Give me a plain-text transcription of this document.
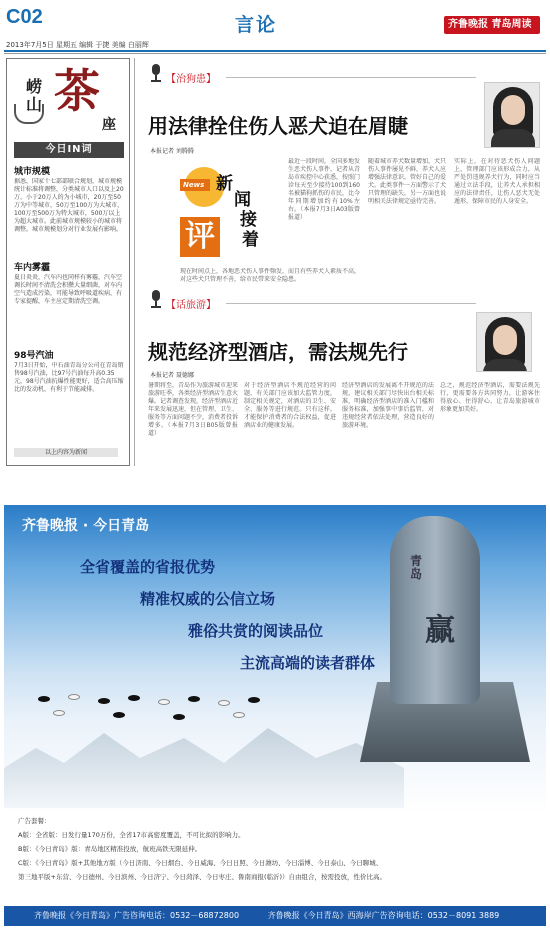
C02	言论	齐鲁晚报 青岛周读
2013年7月5日 星期五 编辑 于捷 美编 白丽辉
崂山 茶
座
今日IN词
城市规模
据悉，国家十七部部联合规划，城市规模统计标准将调整，分类城市人口以及上20万，小于20万人的为小城市，20万至50万为中等城市，50万至100万为大城市，100万至500万为特大城市，500万以上为超大城市。此前城市规模较小的城市将调整，城市规模划分对行业发展有影响。
车内雾霾
夏日炎炎，汽车内也同样有雾霾，汽车空调长时间不清洗会积攒大量细菌，对车内空气造成污染，可能导致呼吸道疾病，有专家提醒，车主应定期清洗空调。
98号汽油
7月3日开始，中石油青岛分公司在青岛销售98号汽油，比97号汽油每升高0.35元，98号汽油抗爆性能更好，适合高压缩比的发动机，有利于节能减排。
以上内容为新闻
【治狗患】
用法律拴住伤人恶犬迫在眉睫
本报记者 刘腾腾
News 新
闻
接
着
评
最近一段时间，全国多地发生恶犬伤人事件，记者从青岛市疾控中心获悉，按照门诊每天至少接待100到160名被猫狗抓伤的市民，比今年同期增加约有10%左右。（本报7月3日A03版曾报道）
现在时间点上，各地恶犬伤人事件频发，而且有些养犬人素质不高，对这些犬只管理不善，给市民带来安全隐患。
随着城市养犬数量增加，犬只伤人事件屡见不鲜，养犬人应增强法律意识，管好自己的爱犬。此类事件一方面警示了犬只管理的缺失，另一方面也说明相关法律规定亟待完善。
实际上，在对待恶犬伤人问题上，管理部门应该形成合力，从严处罚违规养犬行为，同时应当通过立法手段，让养犬人承担相应的法律责任，让伤人恶犬无处遁形，保障市民的人身安全。
【话旅游】
规范经济型酒店，需法规先行
本报记者 聂德娜
暑期将至，青岛作为旅游城市迎来旅游旺季，各类经济型酒店生意火爆。记者调查发现，经济型酒店近年来发展迅速，但在管理、卫生、服务等方面问题不少，消费者投诉增多。（本报7月3日B05版曾报道）
对于经济型酒店不规范经营的问题，有关部门应该加大监管力度，制定相关规定，对酒店的卫生、安全、服务等进行规范。只有这样，才能保护消费者的合法权益，促进酒店业的健康发展。
经济型酒店的发展离不开规范的法规，建议相关部门尽快出台相关标准，明确经济型酒店的准入门槛和服务标准，加强事中事后监管，对违规经营者依法处理，营造良好的旅游环境。
总之，规范经济型酒店，需要法规先行，更需要各方共同努力，让游客住得放心、住得舒心，让青岛旅游城市形象更加美好。
青岛
赢
齐鲁晚报 · 今日青岛
全省覆盖的省报优势
精准权威的公信立场
雅俗共赏的阅读品位
主流高端的读者群体
广告套餐：
A版：全省版：日发行量170万份，全省17市高密度覆盖，不可比拟的影响力。
B版：《今日青岛》版：青岛地区精准投放，航班高铁无限延伸。
C版：《今日青岛》版+其他地方版（今日济南、今日烟台、今日威海、今日日照、今日潍坊、今日淄博、今日泰山、今日聊城、
第三地平版+东营、今日德州、今日滨州、今日济宁、今日菏泽、今日枣庄、鲁南商报(临沂)）自由组合，按需投放，性价比高。
齐鲁晚报《今日青岛》广告咨询电话：0532－68872800	齐鲁晚报《今日青岛》西海岸广告咨询电话：0532－8091 3889
